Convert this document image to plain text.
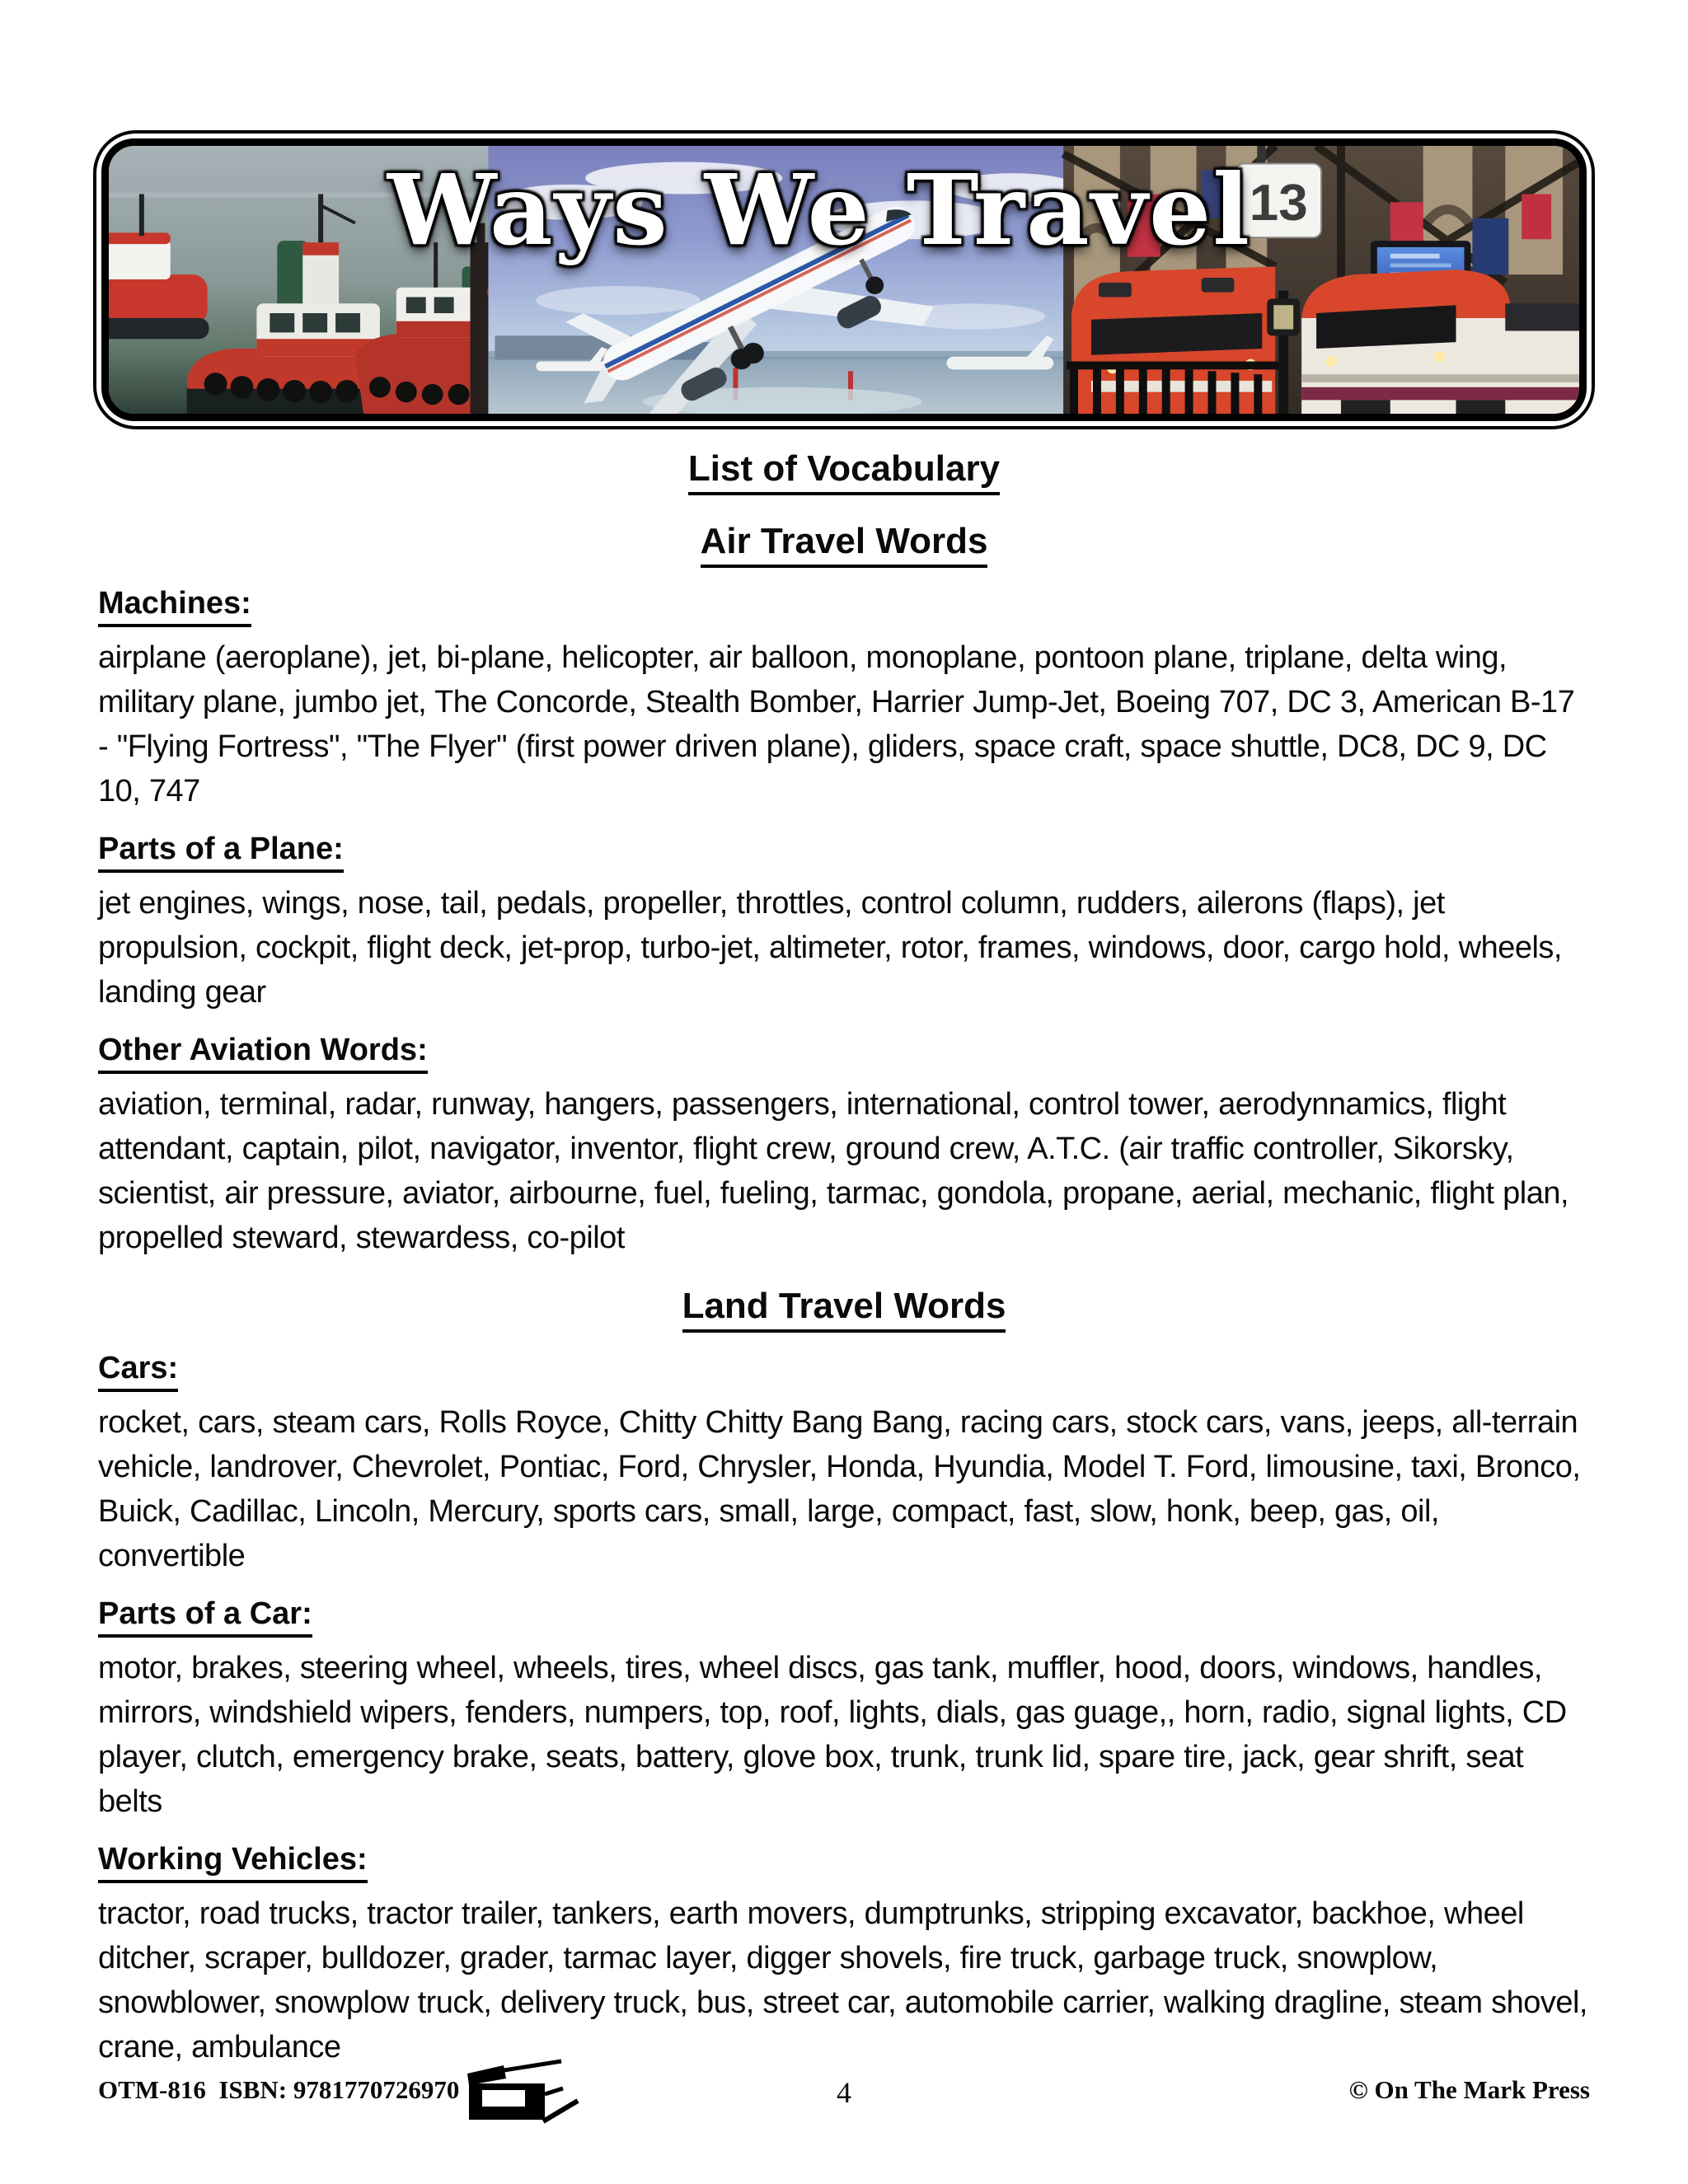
13
Ways We Travel
List of Vocabulary
Air Travel Words
Machines:

airplane (aeroplane), jet, bi-plane, helicopter, air balloon, monoplane, pontoon plane, triplane, delta wing, military plane, jumbo jet, The Concorde, Stealth Bomber, Harrier Jump-Jet, Boeing 707, DC 3, American B-17 - "Flying Fortress", "The Flyer" (first power driven plane), gliders, space craft, space shuttle, DC8, DC 9, DC 10, 747

Parts of a Plane:

jet engines, wings, nose, tail, pedals, propeller, throttles, control column, rudders, ailerons (flaps), jet propulsion, cockpit, flight deck, jet-prop, turbo-jet, altimeter, rotor, frames, windows, door, cargo hold, wheels, landing gear

Other Aviation Words:

aviation, terminal, radar, runway, hangers, passengers, international, control tower, aerodynnamics, flight attendant, captain, pilot, navigator, inventor, flight crew, ground crew, A.T.C. (air traffic controller, Sikorsky, scientist, air pressure, aviator, airbourne, fuel, fueling, tarmac, gondola, propane, aerial, mechanic, flight plan, propelled steward, stewardess, co-pilot

Land Travel Words
Cars:

rocket, cars, steam cars, Rolls Royce, Chitty Chitty Bang Bang, racing cars, stock cars, vans, jeeps, all-terrain vehicle, landrover, Chevrolet, Pontiac, Ford, Chrysler, Honda, Hyundia, Model T. Ford, limousine, taxi, Bronco, Buick, Cadillac, Lincoln, Mercury, sports cars, small, large, compact, fast, slow, honk, beep, gas, oil, convertible

Parts of a Car:

motor, brakes, steering wheel, wheels, tires, wheel discs, gas tank, muffler, hood, doors, windows, handles, mirrors, windshield wipers, fenders, numpers, top, roof, lights, dials, gas guage,, horn, radio, signal lights, CD player, clutch, emergency brake, seats, battery, glove box, trunk, trunk lid, spare tire, jack, gear shrift, seat belts

Working Vehicles:

tractor, road trucks, tractor trailer, tankers, earth movers, dumptrunks, stripping excavator, backhoe, wheel ditcher, scraper, bulldozer, grader, tarmac layer, digger shovels, fire truck, garbage truck, snowplow, snowblower, snowplow truck, delivery truck, bus, street car, automobile carrier, walking dragline, steam shovel, crane, ambulance

OTM-816  ISBN: 9781770726970	4	© On The Mark Press
